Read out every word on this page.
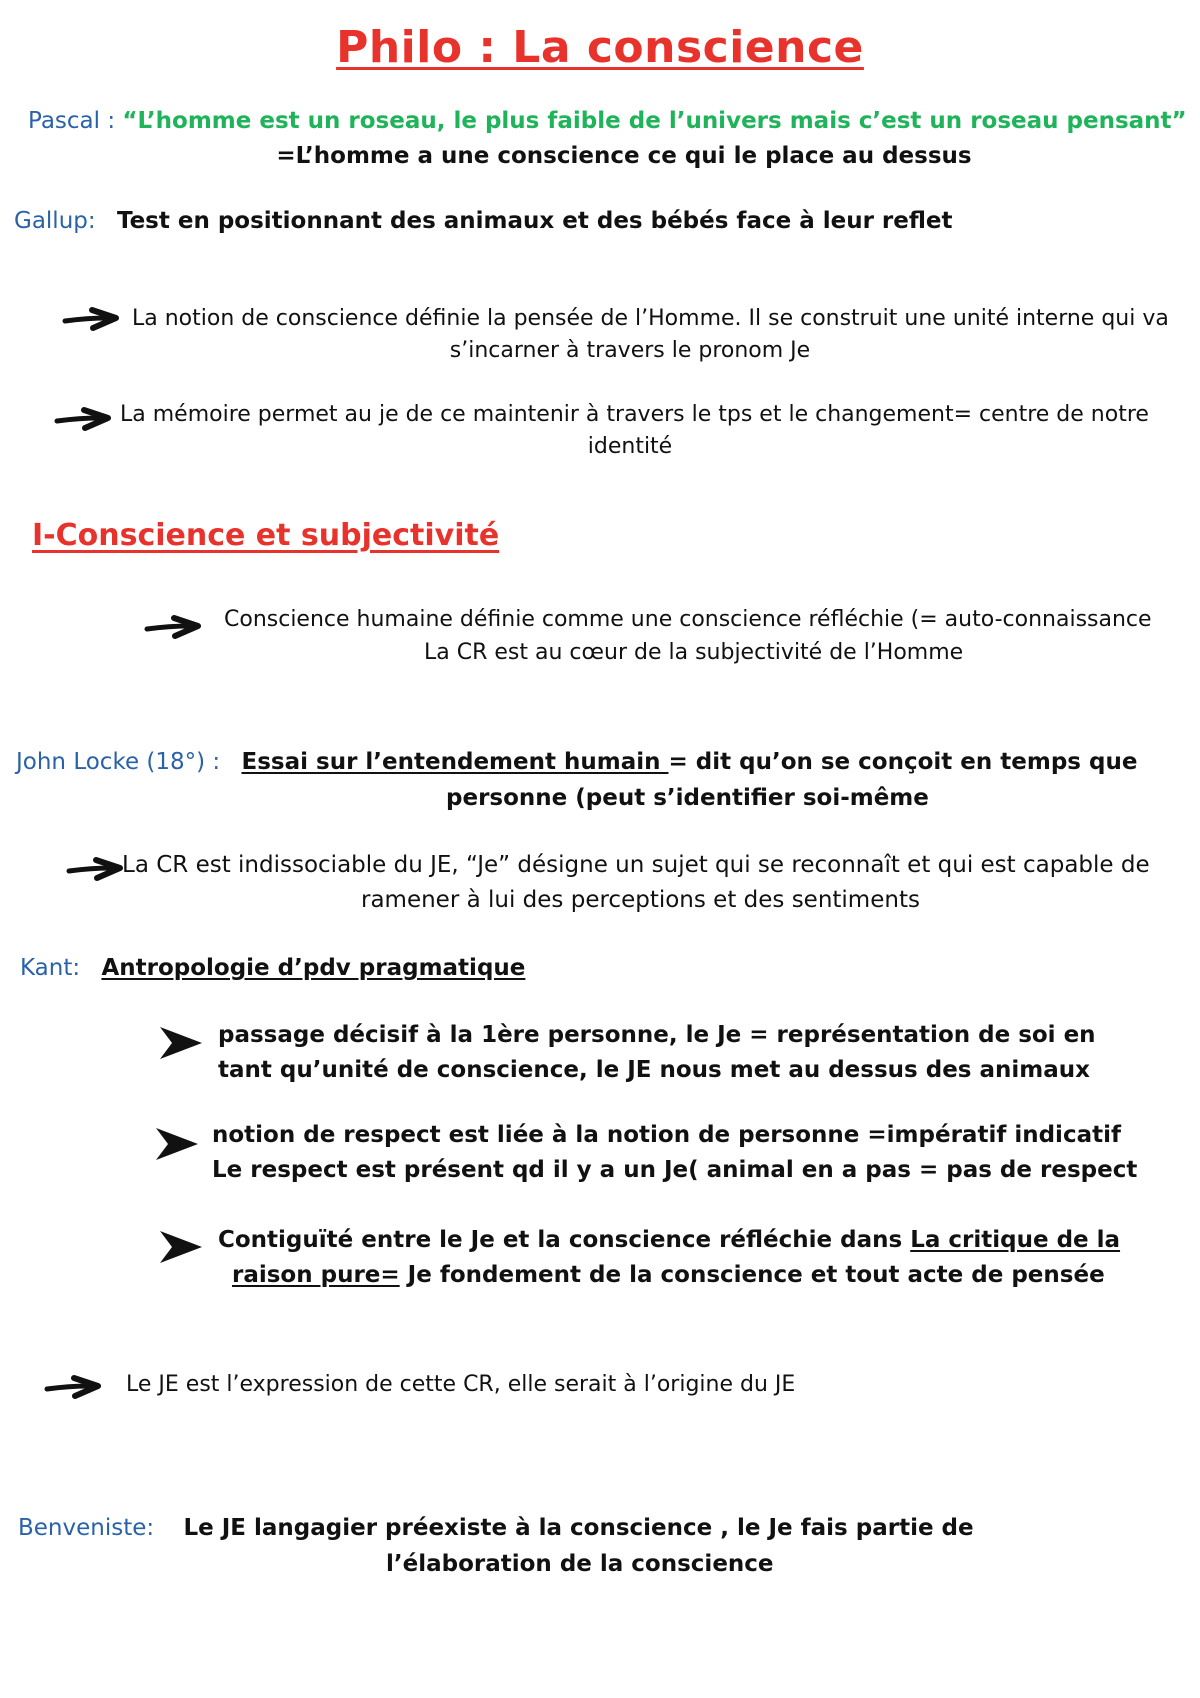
Philo : La conscience
Pascal : “L’homme est un roseau, le plus faible de l’univers mais c’est un roseau pensant”
=L’homme a une conscience ce qui le place au dessus
Gallup: Test en positionnant des animaux et des bébés face à leur reflet
La notion de conscience définie la pensée de l’Homme. Il se construit une unité interne qui va
s’incarner à travers le pronom Je
La mémoire permet au je de ce maintenir à travers le tps et le changement= centre de notre
identité
I-Conscience et subjectivité
Conscience humaine définie comme une conscience réfléchie (= auto-connaissance
La CR est au cœur de la subjectivité de l’Homme
John Locke (18°) : Essai sur l’entendement humain = dit qu’on se conçoit en temps que
personne (peut s’identifier soi-même
La CR est indissociable du JE, “Je” désigne un sujet qui se reconnaît et qui est capable de
ramener à lui des perceptions et des sentiments
Kant: Antropologie d’pdv pragmatique
passage décisif à la 1ère personne, le Je = représentation de soi en
tant qu’unité de conscience, le JE nous met au dessus des animaux
notion de respect est liée à la notion de personne =impératif indicatif
Le respect est présent qd il y a un Je( animal en a pas = pas de respect
Contiguïté entre le Je et la conscience réfléchie dans La critique de la
raison pure= Je fondement de la conscience et tout acte de pensée
Le JE est l’expression de cette CR, elle serait à l’origine du JE
Benveniste: Le JE langagier préexiste à la conscience , le Je fais partie de
l’élaboration de la conscience
